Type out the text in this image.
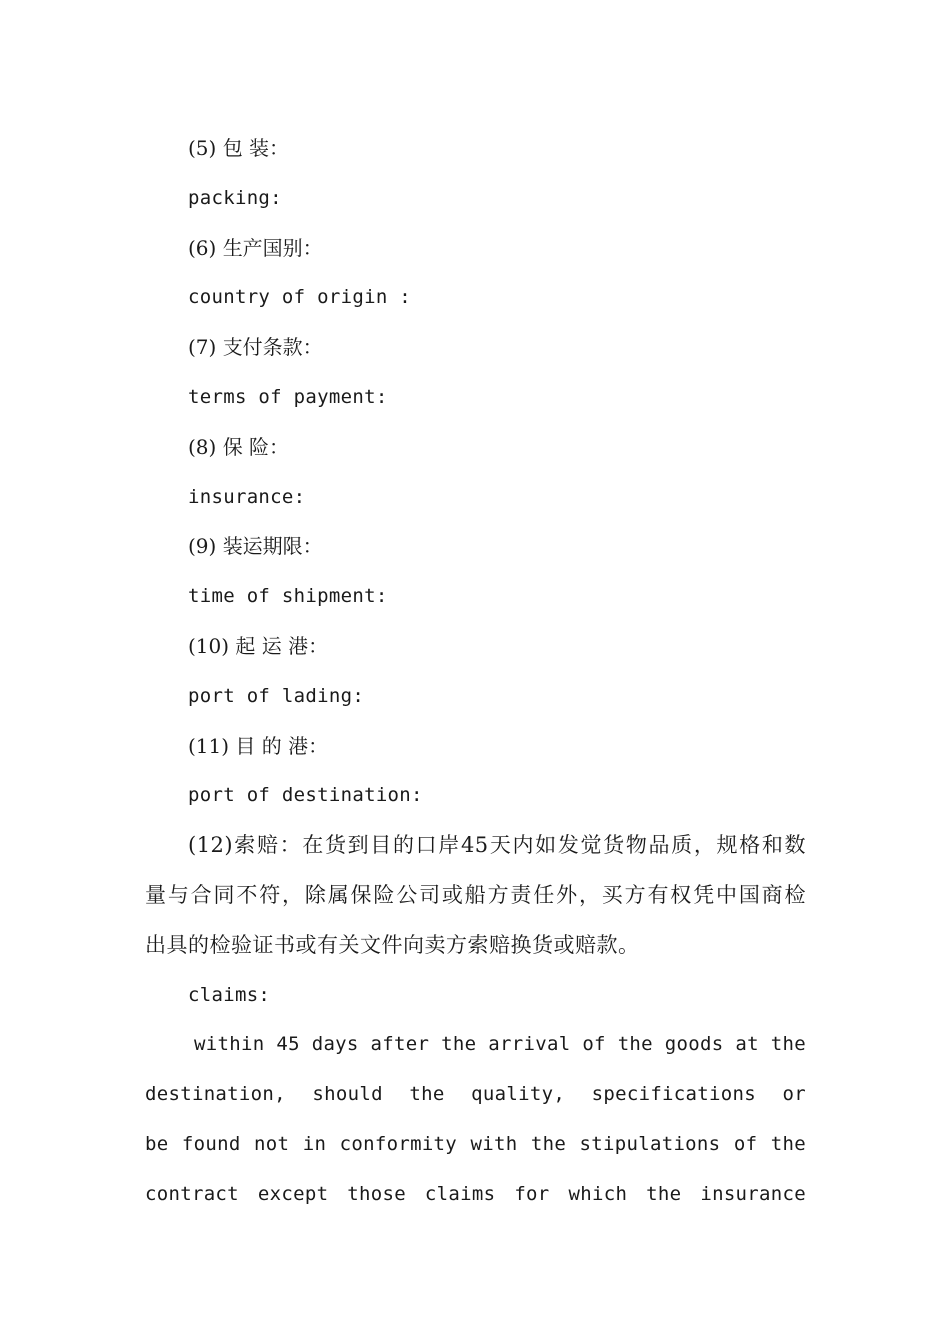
(5) 包 装：
packing:
(6) 生产国别：
country of origin :
(7) 支付条款：
terms of payment:
(8) 保 险：
insurance:
(9) 装运期限：
time of shipment:
(10) 起 运 港：
port of lading:
(11) 目 的 港：
port of destination:
(12)索赔：在货到目的口岸45天内如发觉货物品质，规格和数
量与合同不符，除属保险公司或船方责任外，买方有权凭中国商检
出具的检验证书或有关文件向卖方索赔换货或赔款。
claims:
within 45 days after the arrival of the goods at the
destination, should the quality, specifications or
be found not in conformity with the stipulations of the
contract except those claims for which the insurance
